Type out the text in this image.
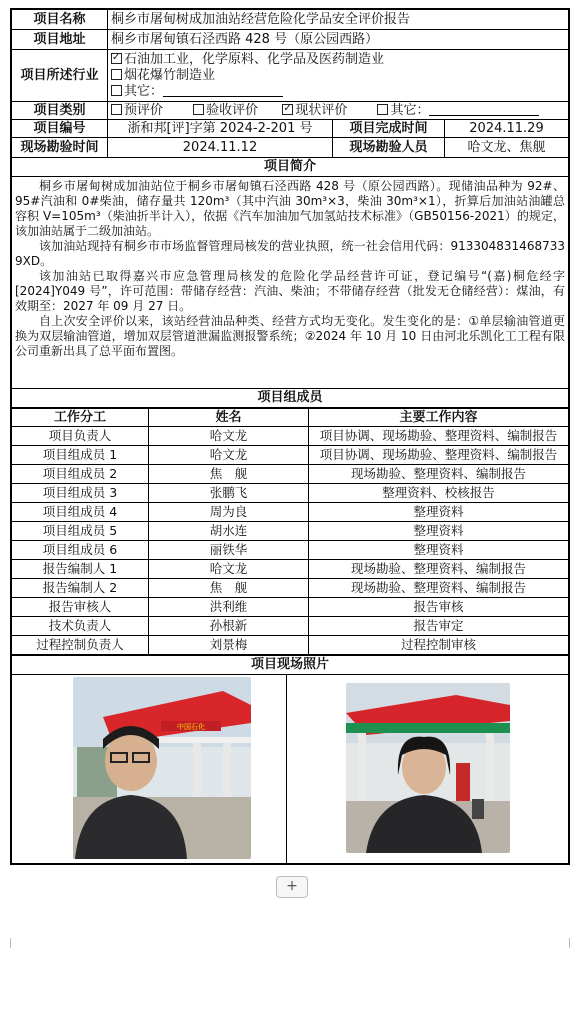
项目名称	桐乡市屠甸树成加油站经营危险化学品安全评价报告		
项目地址	桐乡市屠甸镇石泾西路 428 号（原公园西路）		
项目所述行业	
✓石油加工业，化学原料、化学品及医药制造业
烟花爆竹制造业
其它：

项目类别	预评价 验收评价 ✓ 现状评价 其它：
项目编号	浙和邦[评]字第 2024-2-201 号	项目完成时间	2024.11.29
现场勘验时间	2024.11.12	现场勘验人员	哈文龙、焦舰
项目简介			

桐乡市屠甸树成加油站位于桐乡市屠甸镇石泾西路 428 号（原公园西路）。现储油品种为 92#、95#汽油和 0#柴油，储存量共 120m³（其中汽油 30m³×3，柴油 30m³×1），折算后加油站油罐总容积 V=105m³（柴油折半计入），依据《汽车加油加气加氢站技术标准》（GB50156-2021）的规定，该加油站属于二级加油站。

该加油站现持有桐乡市市场监督管理局核发的营业执照，统一社会信用代码：913304831468733 9XD。

该加油站已取得嘉兴市应急管理局核发的危险化学品经营许可证，登记编号“(嘉)桐危经字[2024]Y049 号”，许可范围：带储存经营：汽油、柴油；不带储存经营（批发无仓储经营）：煤油，有效期至：2027 年 09 月 27 日。

自上次安全评价以来，该站经营油品种类、经营方式均无变化。发生变化的是：①单层输油管道更换为双层输油管道，增加双层管道泄漏监测报警系统；②2024 年 10 月 10 日由河北乐凯化工工程有限公司重新出具了总平面布置图。			

项目组成员			
工作分工	姓名	主要工作内容
项目负责人	哈文龙	项目协调、现场勘验、整理资料、编制报告
项目组成员 1	哈文龙	项目协调、现场勘验、整理资料、编制报告
项目组成员 2	焦　舰	现场勘验、整理资料、编制报告
项目组成员 3	张鹏飞	整理资料、校核报告
项目组成员 4	周为良	整理资料
项目组成员 5	胡水连	整理资料
项目组成员 6	丽铁华	整理资料
报告编制人 1	哈文龙	现场勘验、整理资料、编制报告
报告编制人 2	焦　舰	现场勘验、整理资料、编制报告
报告审核人	洪利维	报告审核
技术负责人	孙根新	报告审定
过程控制负责人	刘景梅	过程控制审核
项目现场照片

中国石化

+
